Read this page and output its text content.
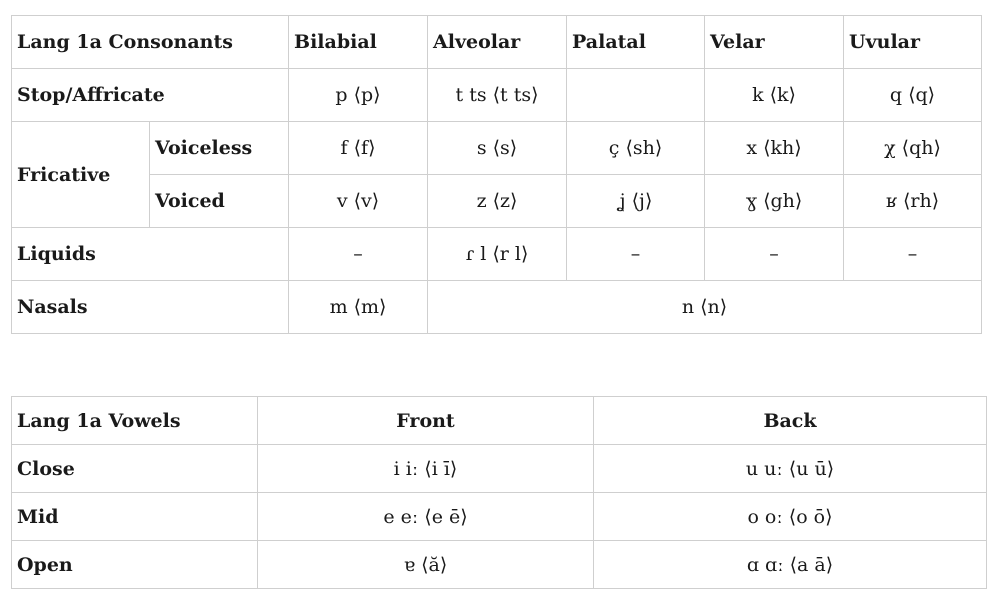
Lang 1a Consonants		Bilabial	Alveolar	Palatal	Velar	Uvular
Stop/Affricate		p ⟨p⟩	t ts ⟨t ts⟩		k ⟨k⟩	q ⟨q⟩
Fricative	Voiceless	f ⟨f⟩	s ⟨s⟩	ç ⟨sh⟩	x ⟨kh⟩	χ ⟨qh⟩
	Voiced	v ⟨v⟩	z ⟨z⟩	ʝ ⟨j⟩	ɣ ⟨gh⟩	ʁ ⟨rh⟩
Liquids		–	ɾ l ⟨r l⟩	–	–	–
Nasals		m ⟨m⟩	n ⟨n⟩			
Lang 1a Vowels	Front	Back
Close	i iː ⟨i ī⟩	u uː ⟨u ū⟩
Mid	e eː ⟨e ē⟩	o oː ⟨o ō⟩
Open	ɐ ⟨ă⟩	ɑ ɑː ⟨a ā⟩
